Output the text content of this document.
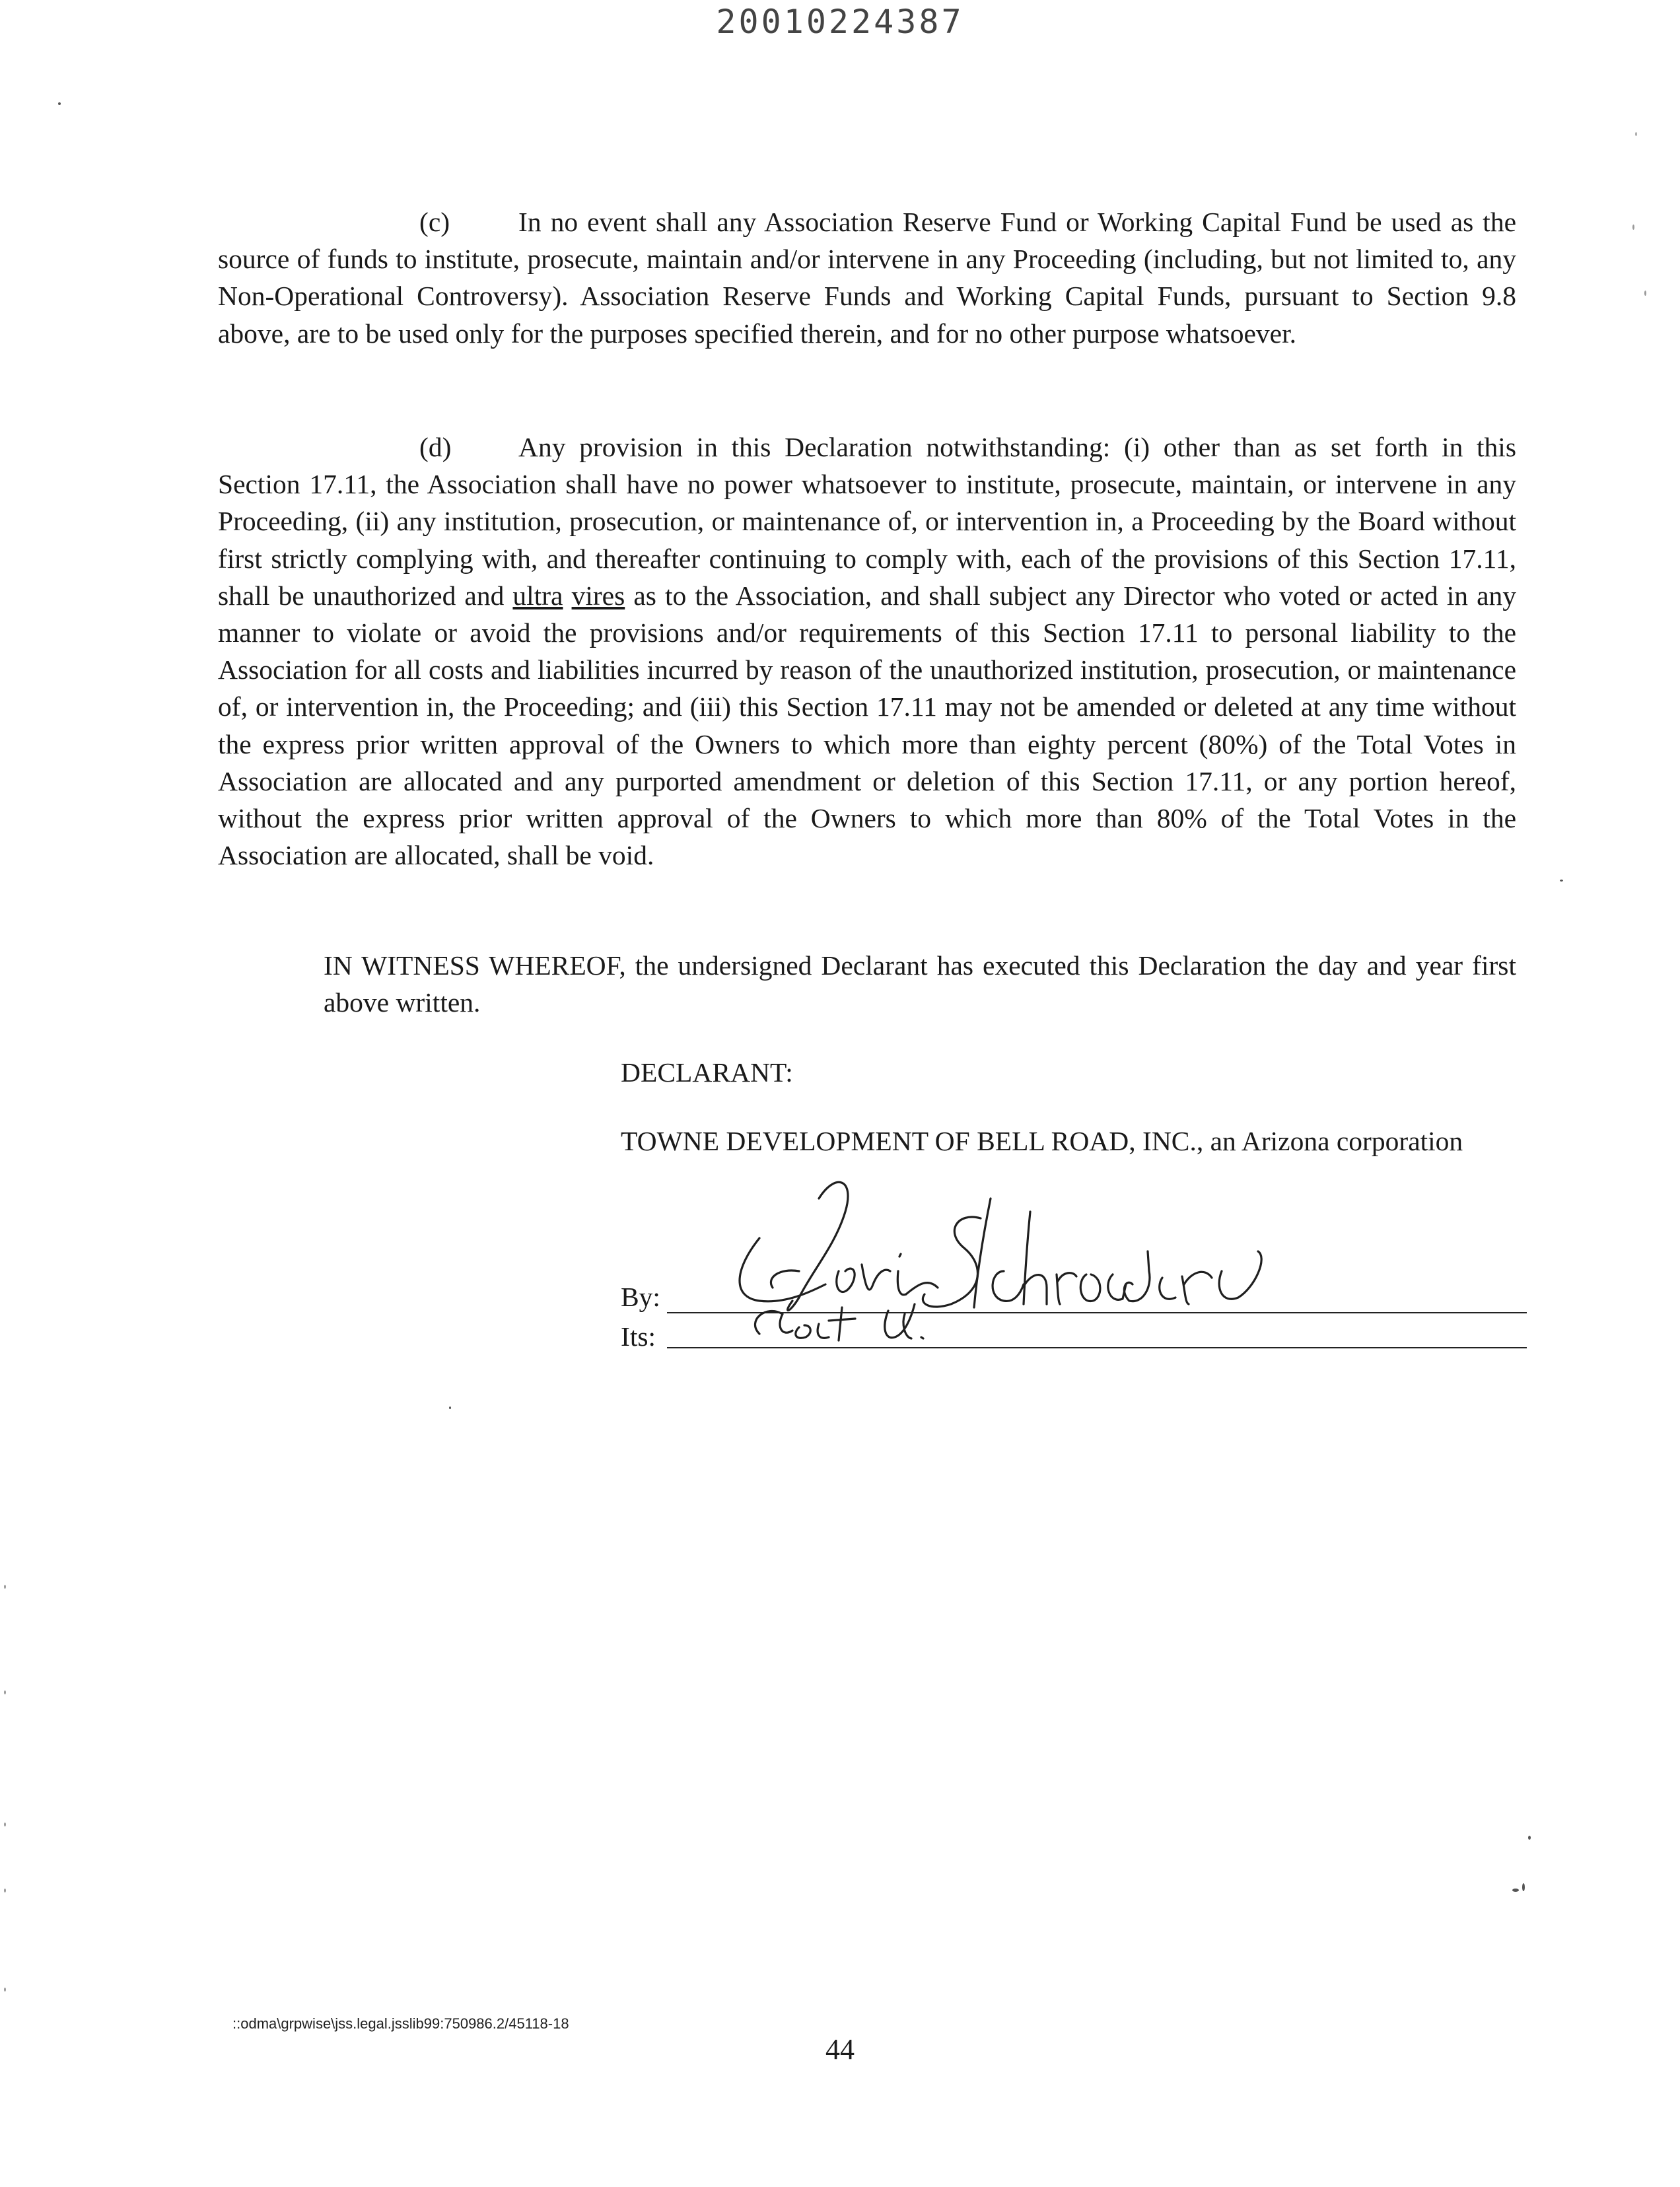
20010224387

(c)	In no event shall any Association Reserve Fund or Working Capital Fund be used as the source of funds to institute, prosecute, maintain and/or intervene in any Proceeding (including, but not limited to, any Non-Operational Controversy). Association Reserve Funds and Working Capital Funds, pursuant to Section 9.8 above, are to be used only for the purposes specified therein, and for no other purpose whatsoever.

(d) Any provision in this Declaration notwithstanding: (i) other than as set forth in this Section 17.11, the Association shall have no power whatsoever to institute, prosecute, maintain, or intervene in any Proceeding, (ii) any institution, prosecution, or maintenance of, or intervention in, a Proceeding by the Board without first strictly complying with, and thereafter continuing to comply with, each of the provisions of this Section 17.11, shall be unauthorized and ultra vires as to the Association, and shall subject any Director who voted or acted in any manner to violate or avoid the provisions and/or requirements of this Section 17.11 to personal liability to the Association for all costs and liabilities incurred by reason of the unauthorized institution, prosecution, or maintenance of, or intervention in, the Proceeding; and (iii) this Section 17.11 may not be amended or deleted at any time without the express prior written approval of the Owners to which more than eighty percent (80%) of the Total Votes in Association are allocated and any purported amendment or deletion of this Section 17.11, or any portion hereof, without the express prior written approval of the Owners to which more than 80% of the Total Votes in the Association are allocated, shall be void.

IN WITNESS WHEREOF, the undersigned Declarant has executed this Declaration the day and year first above written.

DECLARANT:
TOWNE DEVELOPMENT OF BELL ROAD, INC., an Arizona corporation
By:
Its:
::odma\grpwise\jss.legal.jsslib99:750986.2/45118-18
44
